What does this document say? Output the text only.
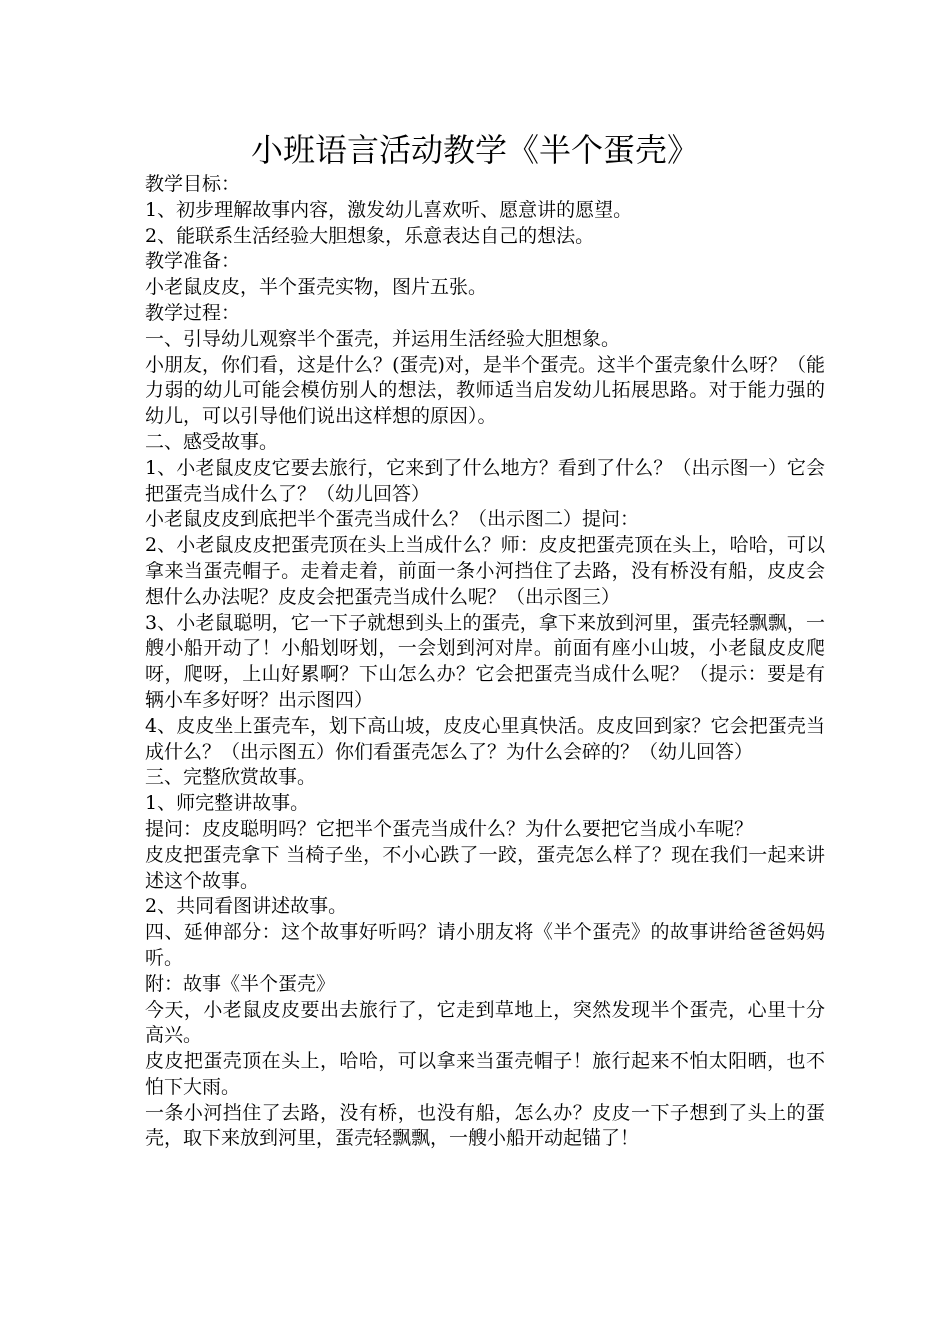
小班语言活动教学《半个蛋壳》

教学目标：

1、初步理解故事内容，激发幼儿喜欢听、愿意讲的愿望。

2、能联系生活经验大胆想象，乐意表达自己的想法。

教学准备：

小老鼠皮皮，半个蛋壳实物，图片五张。

教学过程：

一、引导幼儿观察半个蛋壳，并运用生活经验大胆想象。

小朋友，你们看，这是什么？(蛋壳)对，是半个蛋壳。这半个蛋壳象什么呀？（能力弱的幼儿可能会模仿别人的想法，教师适当启发幼儿拓展思路。对于能力强的幼儿，可以引导他们说出这样想的原因）。

二、感受故事。

1、小老鼠皮皮它要去旅行，它来到了什么地方？看到了什么？（出示图一）它会把蛋壳当成什么了？（幼儿回答）

小老鼠皮皮到底把半个蛋壳当成什么？（出示图二）提问：

2、小老鼠皮皮把蛋壳顶在头上当成什么？师：皮皮把蛋壳顶在头上，哈哈，可以拿来当蛋壳帽子。走着走着，前面一条小河挡住了去路，没有桥没有船，皮皮会想什么办法呢？皮皮会把蛋壳当成什么呢？（出示图三）

3、小老鼠聪明，它一下子就想到头上的蛋壳，拿下来放到河里，蛋壳轻飘飘，一艘小船开动了！小船划呀划，一会划到河对岸。前面有座小山坡，小老鼠皮皮爬呀，爬呀，上山好累啊？下山怎么办？它会把蛋壳当成什么呢？（提示：要是有辆小车多好呀？出示图四）

4、皮皮坐上蛋壳车，划下高山坡，皮皮心里真快活。皮皮回到家？它会把蛋壳当成什么？（出示图五）你们看蛋壳怎么了？为什么会碎的？（幼儿回答）

三、完整欣赏故事。

1、师完整讲故事。

提问：皮皮聪明吗？它把半个蛋壳当成什么？为什么要把它当成小车呢？

皮皮把蛋壳拿下 当椅子坐，不小心跌了一跤，蛋壳怎么样了？现在我们一起来讲述这个故事。

2、共同看图讲述故事。

四、延伸部分：这个故事好听吗？请小朋友将《半个蛋壳》的故事讲给爸爸妈妈听。

附：故事《半个蛋壳》

今天，小老鼠皮皮要出去旅行了，它走到草地上，突然发现半个蛋壳，心里十分高兴。

皮皮把蛋壳顶在头上，哈哈，可以拿来当蛋壳帽子！旅行起来不怕太阳晒，也不怕下大雨。

一条小河挡住了去路，没有桥，也没有船，怎么办？皮皮一下子想到了头上的蛋壳，取下来放到河里，蛋壳轻飘飘，一艘小船开动起锚了！
